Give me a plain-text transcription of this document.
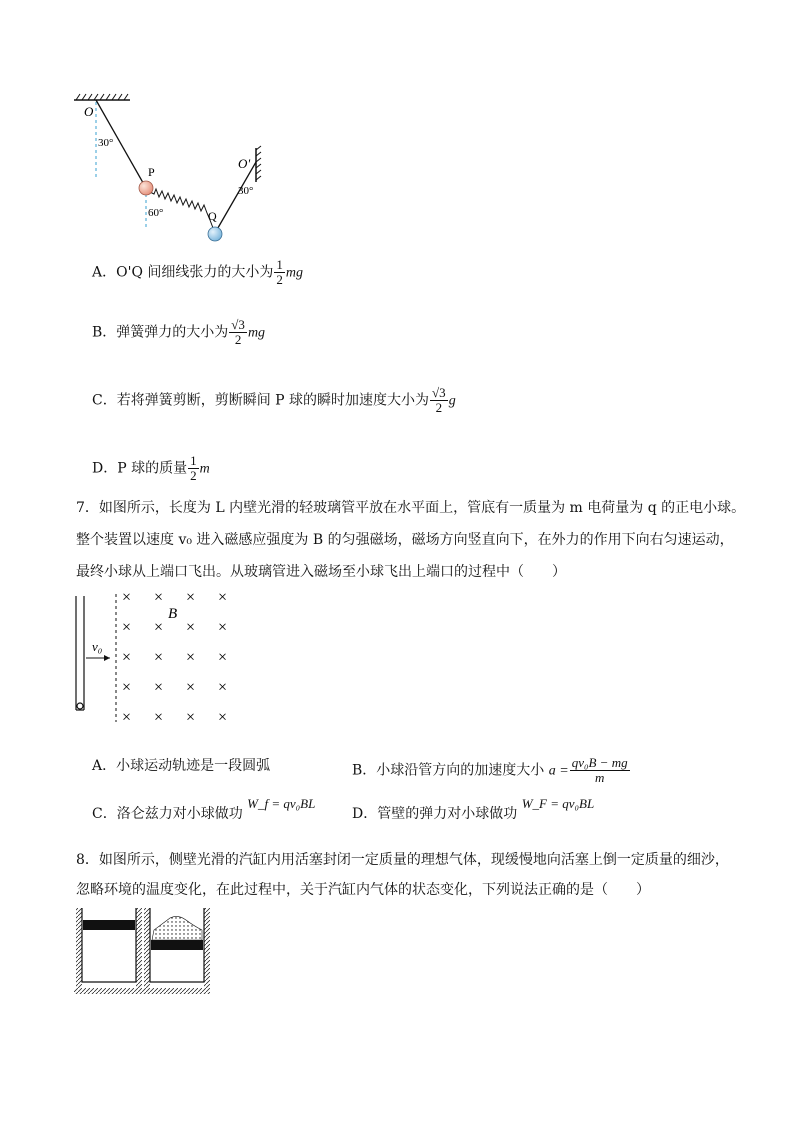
O
30°
P
60°	Q
O'
30°
A．O'Q 间细线张力的大小为 $\frac{1}{2}$ mg
B．弹簧弹力的大小为 $\frac{√3}{2}$ mg
C．若将弹簧剪断，剪断瞬间 P 球的瞬时加速度大小为 $\frac{√3}{2}$ g
D．P 球的质量 $\frac{1}{2}$ m
7．如图所示，长度为 L 内壁光滑的轻玻璃管平放在水平面上，管底有一质量为 m 电荷量为 q 的正电小球。
整个装置以速度 v₀ 进入磁感应强度为 B 的匀强磁场，磁场方向竖直向下，在外力的作用下向右匀速运动，
最终小球从上端口飞出。从玻璃管进入磁场至小球飞出上端口的过程中（　　）
v₀
B
× × × ×
× × × ×
× × × ×
× × × ×
× × × ×
A．小球运动轨迹是一段圆弧	B．小球沿管方向的加速度大小 $a = \frac{\text{qv₀B − mg}}{m}$
C．洛仑兹力对小球做功 W_f = qv₀BL
D．管壁的弹力对小球做功 W_F = qv₀BL
8．如图所示，侧壁光滑的汽缸内用活塞封闭一定质量的理想气体，现缓慢地向活塞上倒一定质量的细沙，
忽略环境的温度变化，在此过程中，关于汽缸内气体的状态变化，下列说法正确的是（　　）
